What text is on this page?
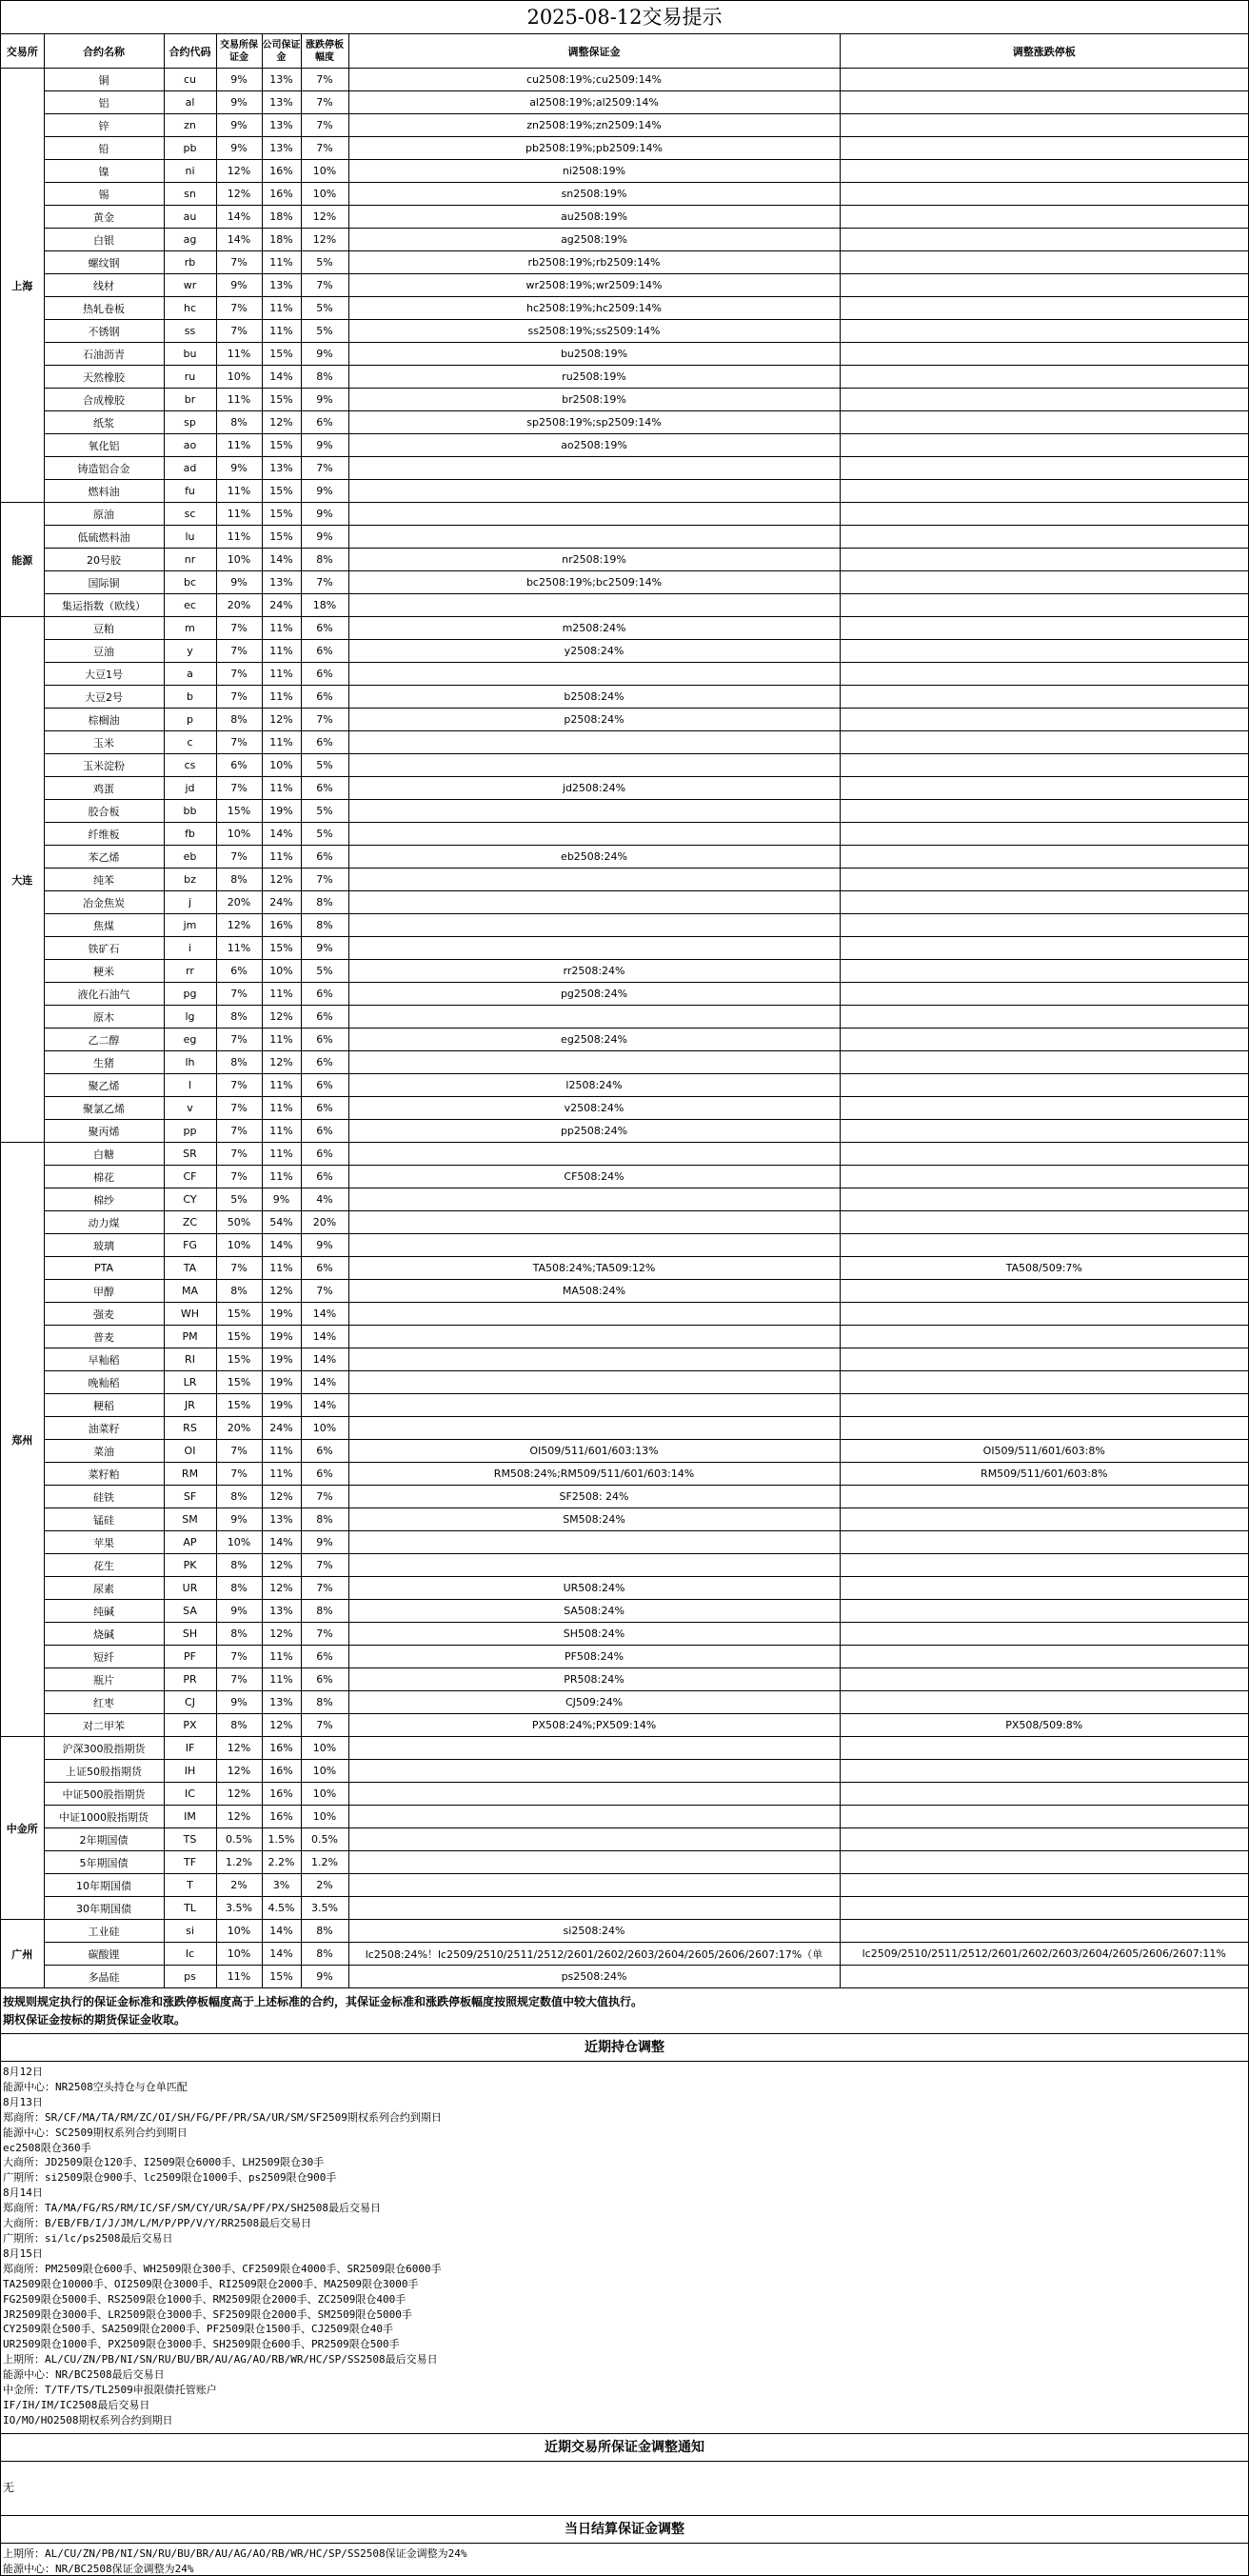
2025-08-12交易提示
交易所	合约名称	合约代码	交易所保证金	公司保证金	涨跌停板幅度	调整保证金	调整涨跌停板
上海	铜	cu	9%	13%	7%	cu2508:19%;cu2509:14%	
	铝	al	9%	13%	7%	al2508:19%;al2509:14%	
	锌	zn	9%	13%	7%	zn2508:19%;zn2509:14%	
	铅	pb	9%	13%	7%	pb2508:19%;pb2509:14%	
	镍	ni	12%	16%	10%	ni2508:19%	
	锡	sn	12%	16%	10%	sn2508:19%	
	黄金	au	14%	18%	12%	au2508:19%	
	白银	ag	14%	18%	12%	ag2508:19%	
	螺纹钢	rb	7%	11%	5%	rb2508:19%;rb2509:14%	
	线材	wr	9%	13%	7%	wr2508:19%;wr2509:14%	
	热轧卷板	hc	7%	11%	5%	hc2508:19%;hc2509:14%	
	不锈钢	ss	7%	11%	5%	ss2508:19%;ss2509:14%	
	石油沥青	bu	11%	15%	9%	bu2508:19%	
	天然橡胶	ru	10%	14%	8%	ru2508:19%	
	合成橡胶	br	11%	15%	9%	br2508:19%	
	纸浆	sp	8%	12%	6%	sp2508:19%;sp2509:14%	
	氧化铝	ao	11%	15%	9%	ao2508:19%	
	铸造铝合金	ad	9%	13%	7%		
	燃料油	fu	11%	15%	9%		
能源	原油	sc	11%	15%	9%		
	低硫燃料油	lu	11%	15%	9%		
	20号胶	nr	10%	14%	8%	nr2508:19%	
	国际铜	bc	9%	13%	7%	bc2508:19%;bc2509:14%	
	集运指数（欧线）	ec	20%	24%	18%		
大连	豆粕	m	7%	11%	6%	m2508:24%	
	豆油	y	7%	11%	6%	y2508:24%	
	大豆1号	a	7%	11%	6%		
	大豆2号	b	7%	11%	6%	b2508:24%	
	棕榈油	p	8%	12%	7%	p2508:24%	
	玉米	c	7%	11%	6%		
	玉米淀粉	cs	6%	10%	5%		
	鸡蛋	jd	7%	11%	6%	jd2508:24%	
	胶合板	bb	15%	19%	5%		
	纤维板	fb	10%	14%	5%		
	苯乙烯	eb	7%	11%	6%	eb2508:24%	
	纯苯	bz	8%	12%	7%		
	冶金焦炭	j	20%	24%	8%		
	焦煤	jm	12%	16%	8%		
	铁矿石	i	11%	15%	9%		
	粳米	rr	6%	10%	5%	rr2508:24%	
	液化石油气	pg	7%	11%	6%	pg2508:24%	
	原木	lg	8%	12%	6%		
	乙二醇	eg	7%	11%	6%	eg2508:24%	
	生猪	lh	8%	12%	6%		
	聚乙烯	l	7%	11%	6%	l2508:24%	
	聚氯乙烯	v	7%	11%	6%	v2508:24%	
	聚丙烯	pp	7%	11%	6%	pp2508:24%	
郑州	白糖	SR	7%	11%	6%		
	棉花	CF	7%	11%	6%	CF508:24%	
	棉纱	CY	5%	9%	4%		
	动力煤	ZC	50%	54%	20%		
	玻璃	FG	10%	14%	9%		
	PTA	TA	7%	11%	6%	TA508:24%;TA509:12%	TA508/509:7%
	甲醇	MA	8%	12%	7%	MA508:24%	
	强麦	WH	15%	19%	14%		
	普麦	PM	15%	19%	14%		
	早籼稻	RI	15%	19%	14%		
	晚籼稻	LR	15%	19%	14%		
	粳稻	JR	15%	19%	14%		
	油菜籽	RS	20%	24%	10%		
	菜油	OI	7%	11%	6%	OI509/511/601/603:13%	OI509/511/601/603:8%
	菜籽粕	RM	7%	11%	6%	RM508:24%;RM509/511/601/603:14%	RM509/511/601/603:8%
	硅铁	SF	8%	12%	7%	SF2508: 24%	
	锰硅	SM	9%	13%	8%	SM508:24%	
	苹果	AP	10%	14%	9%		
	花生	PK	8%	12%	7%		
	尿素	UR	8%	12%	7%	UR508:24%	
	纯碱	SA	9%	13%	8%	SA508:24%	
	烧碱	SH	8%	12%	7%	SH508:24%	
	短纤	PF	7%	11%	6%	PF508:24%	
	瓶片	PR	7%	11%	6%	PR508:24%	
	红枣	CJ	9%	13%	8%	CJ509:24%	
	对二甲苯	PX	8%	12%	7%	PX508:24%;PX509:14%	PX508/509:8%
中金所	沪深300股指期货	IF	12%	16%	10%		
	上证50股指期货	IH	12%	16%	10%		
	中证500股指期货	IC	12%	16%	10%		
	中证1000股指期货	IM	12%	16%	10%		
	2年期国债	TS	0.5%	1.5%	0.5%		
	5年期国债	TF	1.2%	2.2%	1.2%		
	10年期国债	T	2%	3%	2%		
	30年期国债	TL	3.5%	4.5%	3.5%		
广州	工业硅	si	10%	14%	8%	si2508:24%	
	碳酸锂	lc	10%	14%	8%	lc2508:24%！lc2509/2510/2511/2512/2601/2602/2603/2604/2605/2606/2607:17%（单	lc2509/2510/2511/2512/2601/2602/2603/2604/2605/2606/2607:11%
	多晶硅	ps	11%	15%	9%	ps2508:24%	
按规则规定执行的保证金标准和涨跌停板幅度高于上述标准的合约，其保证金标准和涨跌停板幅度按照规定数值中较大值执行。
期权保证金按标的期货保证金收取。
近期持仓调整
8月12日
能源中心：NR2508空头持仓与仓单匹配
8月13日
郑商所：SR/CF/MA/TA/RM/ZC/OI/SH/FG/PF/PR/SA/UR/SM/SF2509期权系列合约到期日
能源中心：SC2509期权系列合约到期日
ec2508限仓360手
大商所：JD2509限仓120手、I2509限仓6000手、LH2509限仓30手
广期所：si2509限仓900手、lc2509限仓1000手、ps2509限仓900手
8月14日
郑商所：TA/MA/FG/RS/RM/IC/SF/SM/CY/UR/SA/PF/PX/SH2508最后交易日
大商所：B/EB/FB/I/J/JM/L/M/P/PP/V/Y/RR2508最后交易日
广期所：si/lc/ps2508最后交易日
8月15日
郑商所：PM2509限仓600手、WH2509限仓300手、CF2509限仓4000手、SR2509限仓6000手
TA2509限仓10000手、OI2509限仓3000手、RI2509限仓2000手、MA2509限仓3000手
FG2509限仓5000手、RS2509限仓1000手、RM2509限仓2000手、ZC2509限仓400手
JR2509限仓3000手、LR2509限仓3000手、SF2509限仓2000手、SM2509限仓5000手
CY2509限仓500手、SA2509限仓2000手、PF2509限仓1500手、CJ2509限仓40手
UR2509限仓1000手、PX2509限仓3000手、SH2509限仓600手、PR2509限仓500手
上期所：AL/CU/ZN/PB/NI/SN/RU/BU/BR/AU/AG/AO/RB/WR/HC/SP/SS2508最后交易日
能源中心：NR/BC2508最后交易日
中金所：T/TF/TS/TL2509申报限债托管账户
IF/IH/IM/IC2508最后交易日
IO/MO/HO2508期权系列合约到期日
近期交易所保证金调整通知
无
当日结算保证金调整
上期所：AL/CU/ZN/PB/NI/SN/RU/BU/BR/AU/AG/AO/RB/WR/HC/SP/SS2508保证金调整为24%
能源中心：NR/BC2508保证金调整为24%
